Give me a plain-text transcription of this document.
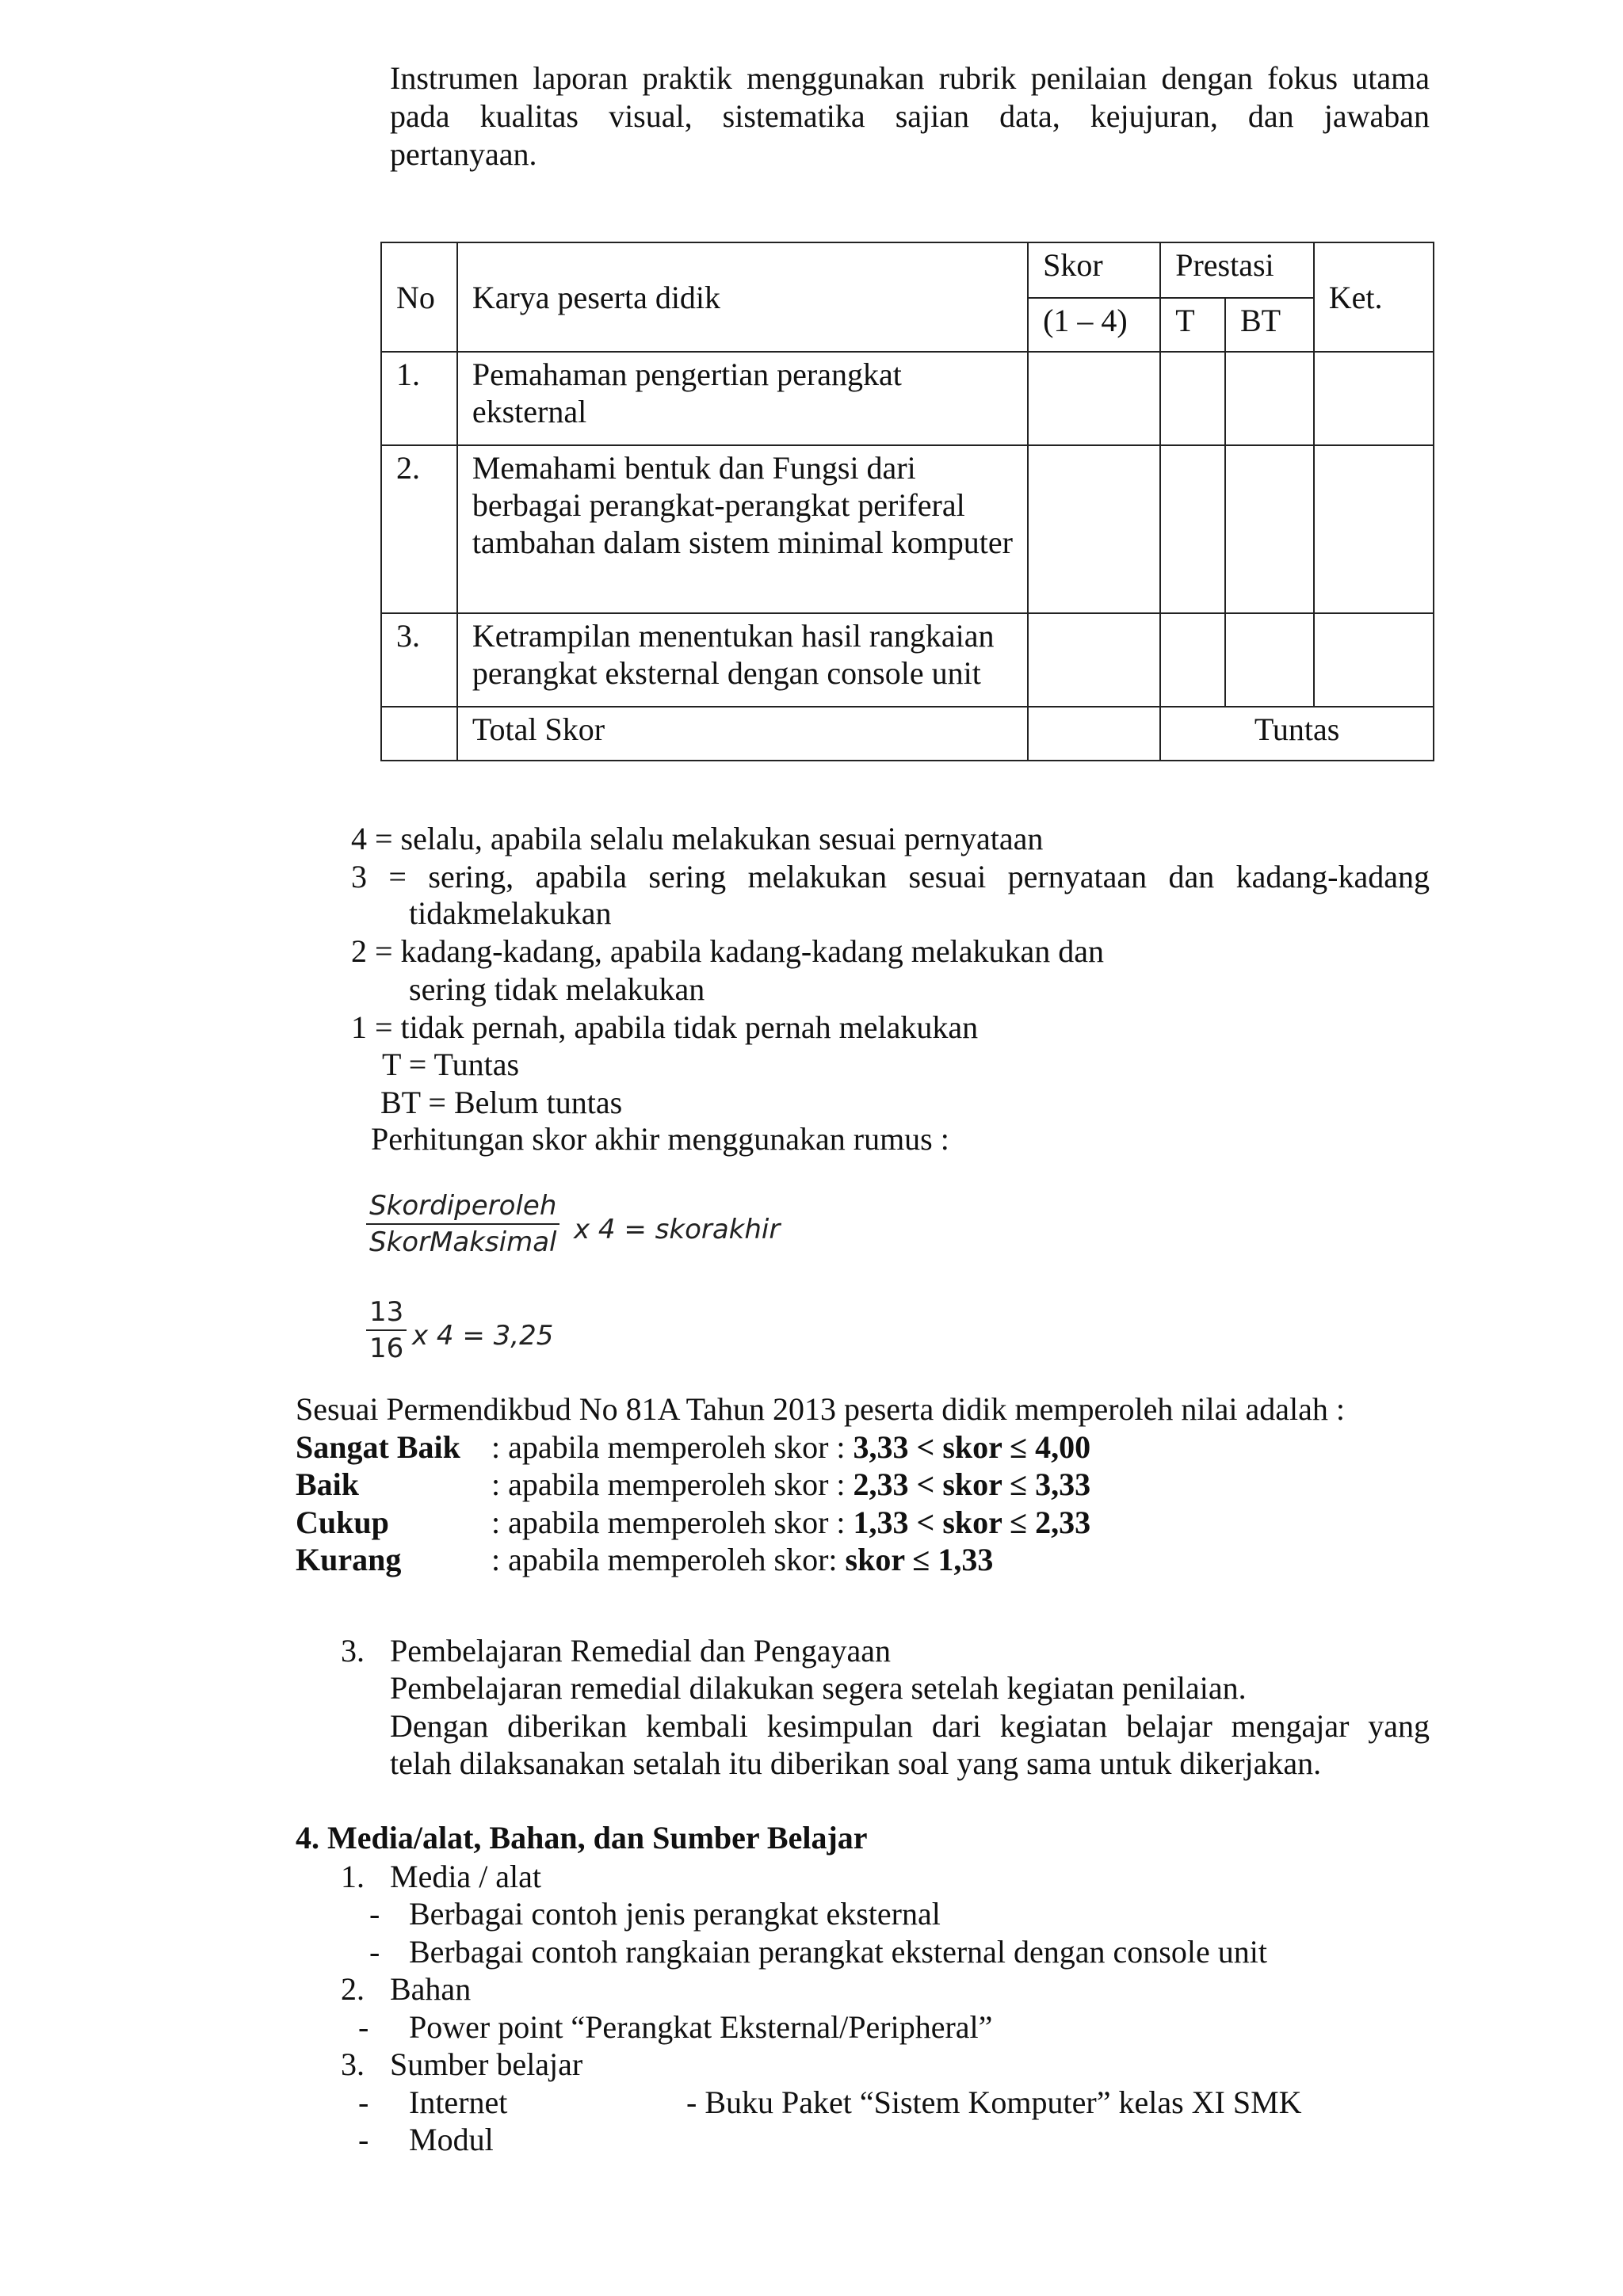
Instrumen laporan praktik menggunakan rubrik penilaian dengan fokus utama
pada kualitas visual, sistematika sajian data, kejujuran, dan jawaban
pertanyaan.
No	Karya peserta didik	Skor	Prestasi		Ket.
		(1 – 4)	T	BT	
1.	Pemahaman pengertian perangkat eksternal				
2.	Memahami bentuk dan Fungsi dari berbagai perangkat-perangkat periferal tambahan dalam sistem minimal komputer				
3.	Ketrampilan menentukan hasil rangkaian perangkat eksternal dengan console unit				
	Total Skor		Tuntas		
4 = selalu, apabila selalu melakukan sesuai pernyataan
3 = sering, apabila sering melakukan sesuai pernyataan dan kadang-kadang
tidakmelakukan
2 = kadang-kadang, apabila kadang-kadang melakukan dan
sering tidak melakukan
1 = tidak pernah, apabila tidak pernah melakukan
T = Tuntas
BT = Belum tuntas
Perhitungan skor akhir menggunakan rumus :
Skordiperoleh
SkorMaksimal x 4 = skorakhir
$\frac{13}{16}$ x 4 = 3,25
Sesuai Permendikbud No 81A Tahun 2013 peserta didik memperoleh nilai adalah :
Sangat Baik : apabila memperoleh skor : 3,33 < skor ≤ 4,00
Baik	: apabila memperoleh skor : 2,33 < skor ≤ 3,33
Cukup	: apabila memperoleh skor : 1,33 < skor ≤ 2,33
Kurang	: apabila memperoleh skor: skor ≤ 1,33
3. Pembelajaran Remedial dan Pengayaan
Pembelajaran remedial dilakukan segera setelah kegiatan penilaian.
Dengan diberikan kembali kesimpulan dari kegiatan belajar mengajar yang
telah dilaksanakan setalah itu diberikan soal yang sama untuk dikerjakan.
4. Media/alat, Bahan, dan Sumber Belajar
1. Media / alat
- Berbagai contoh jenis perangkat eksternal
- Berbagai contoh rangkaian perangkat eksternal dengan console unit
2. Bahan
- Power point “Perangkat Eksternal/Peripheral”
3. Sumber belajar
- Internet	- Buku Paket “Sistem Komputer” kelas XI SMK
- Modul
